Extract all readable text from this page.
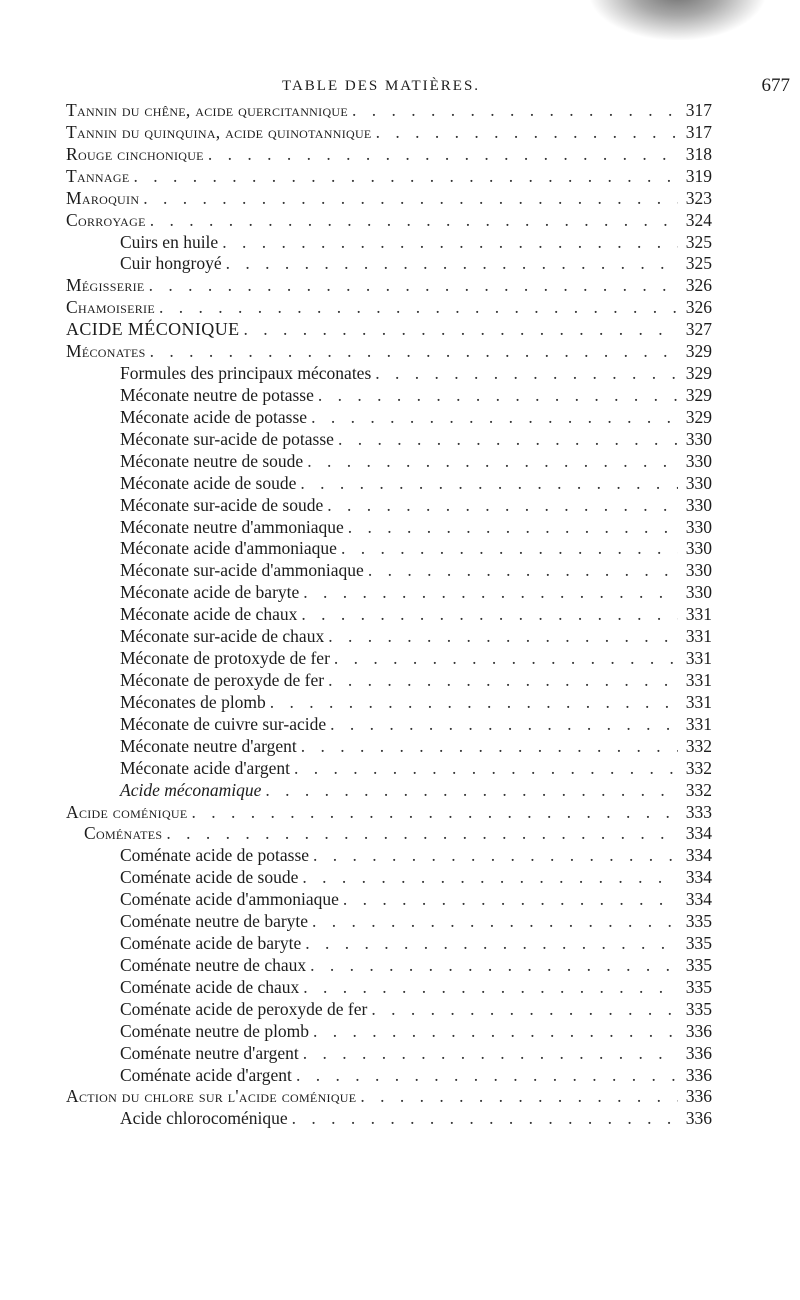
TABLE DES MATIÈRES.	677
Tannin du chêne, acide quercitannique . . .	317
Tannin du quinquina, acide quinotannique . . .	317
Rouge cinchonique . . .	318
Tannage . . .	319
Maroquin . . .	323
Corroyage . . .	324
Cuirs en huile . . .	325
Cuir hongroyé . . .	325
Mégisserie . . .	326
Chamoiserie . . .	326
ACIDE MÉCONIQUE . . .	327
Méconates . . .	329
Formules des principaux méconates . . .	329
Méconate neutre de potasse . . .	329
Méconate acide de potasse . . .	329
Méconate sur-acide de potasse . . .	330
Méconate neutre de soude . . .	330
Méconate acide de soude . . .	330
Méconate sur-acide de soude . . .	330
Méconate neutre d'ammoniaque . . .	330
Méconate acide d'ammoniaque . . .	330
Méconate sur-acide d'ammoniaque . . .	330
Méconate acide de baryte . . .	330
Méconate acide de chaux . . .	331
Méconate sur-acide de chaux . . .	331
Méconate de protoxyde de fer . . .	331
Méconate de peroxyde de fer . . .	331
Méconates de plomb . . .	331
Méconate de cuivre sur-acide . . .	331
Méconate neutre d'argent . . .	332
Méconate acide d'argent . . .	332
Acide méconamique . . .	332
Acide coménique . . .	333
Coménates . . .	334
Coménate acide de potasse . . .	334
Coménate acide de soude . . .	334
Coménate acide d'ammoniaque . . .	334
Coménate neutre de baryte . . .	335
Coménate acide de baryte . . .	335
Coménate neutre de chaux . . .	335
Coménate acide de chaux . . .	335
Coménate acide de peroxyde de fer . . .	335
Coménate neutre de plomb . . .	336
Coménate neutre d'argent . . .	336
Coménate acide d'argent . . .	336
Action du chlore sur l'acide coménique . . .	336
Acide chlorocoménique . . .	336
